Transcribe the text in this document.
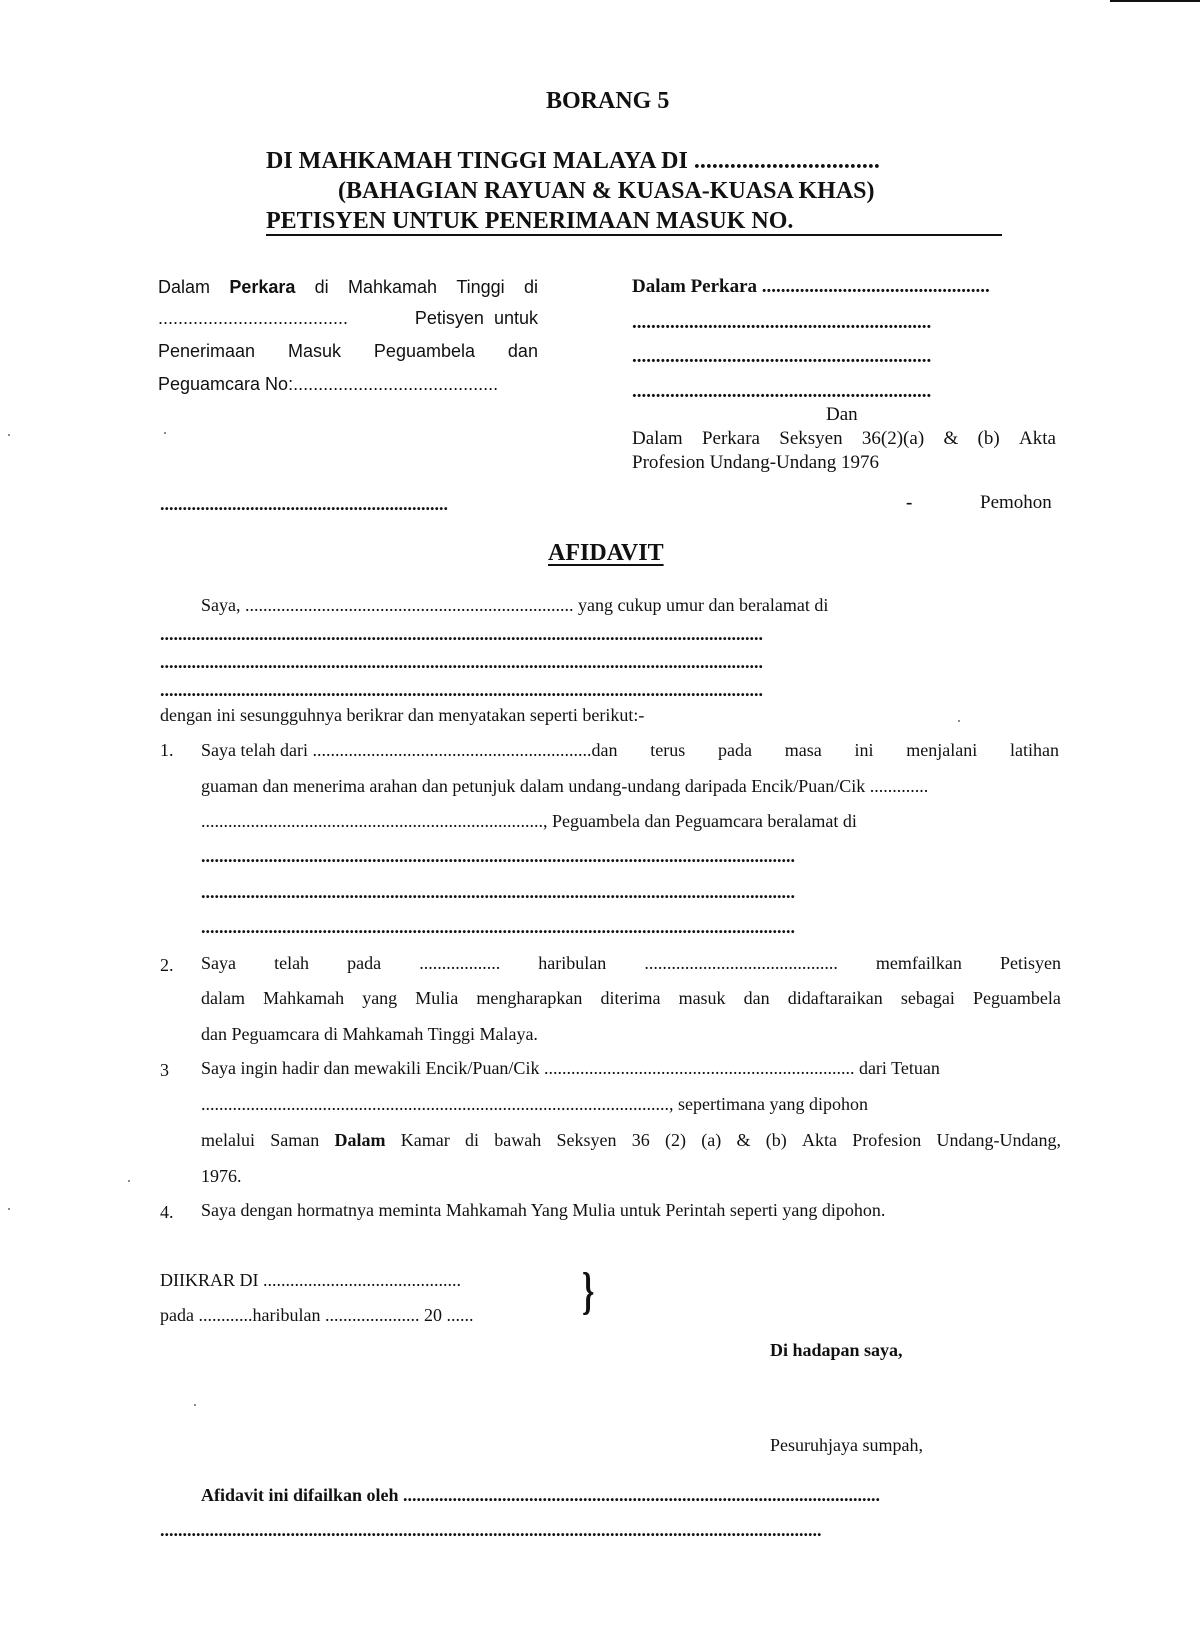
BORANG 5
DI MAHKAMAH TINGGI MALAYA DI ...............................
(BAHAGIAN RAYUAN & KUASA-KUASA KHAS)
PETISYEN UNTUK PENERIMAAN MASUK NO.
Dalam Perkara di Mahkamah Tinggi di
......................................	Petisyen untuk
Penerimaan Masuk Peguambela dan
Peguamcara No:.........................................
................................................................
Dalam Perkara ................................................
...............................................................
...............................................................
...............................................................
Dan
Dalam Perkara Seksyen 36(2)(a) & (b) Akta
Profesion Undang-Undang 1976
-	Pemohon
AFIDAVIT
Saya, ......................................................................... yang cukup umur dan beralamat di
......................................................................................................................................
......................................................................................................................................
......................................................................................................................................
dengan ini sesungguhnya berikrar dan menyatakan seperti berikut:-
1. Saya telah dari ..............................................................dan terus pada masa ini menjalani latihan
guaman dan menerima arahan dan petunjuk dalam undang-undang daripada Encik/Puan/Cik .............
............................................................................, Peguambela dan Peguamcara beralamat di
....................................................................................................................................
....................................................................................................................................
....................................................................................................................................
2. Saya telah pada .................. haribulan ........................................... memfailkan Petisyen
dalam Mahkamah yang Mulia mengharapkan diterima masuk dan didaftaraikan sebagai Peguambela
dan Peguamcara di Mahkamah Tinggi Malaya.
3 Saya ingin hadir dan mewakili Encik/Puan/Cik ..................................................................... dari Tetuan
........................................................................................................, sepertimana yang dipohon
melalui Saman Dalam Kamar di bawah Seksyen 36 (2) (a) & (b) Akta Profesion Undang-Undang,
1976.
4. Saya dengan hormatnya meminta Mahkamah Yang Mulia untuk Perintah seperti yang dipohon.
DIIKRAR DI ............................................
pada ............haribulan ..................... 20 ...... }
Di hadapan saya,
Pesuruhjaya sumpah,
Afidavit ini difailkan oleh ..........................................................................................................
...................................................................................................................................................
